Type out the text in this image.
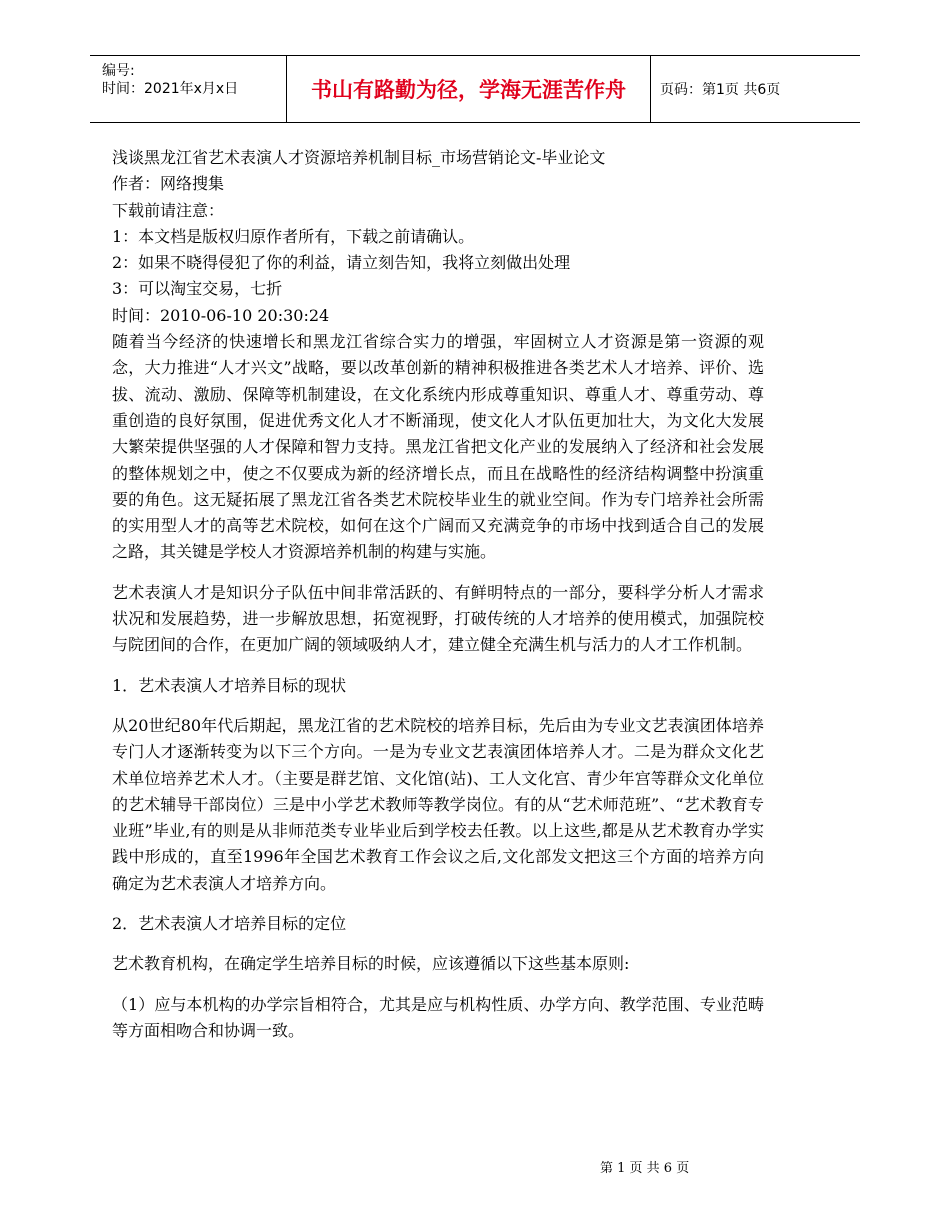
编号:
时间：2021年x月x日	书山有路勤为径，学海无涯苦作舟	页码：第1页 共6页
浅谈黑龙江省艺术表演人才资源培养机制目标_市场营销论文-毕业论文
作者：网络搜集
下载前请注意：
1：本文档是版权归原作者所有，下载之前请确认。
2：如果不晓得侵犯了你的利益，请立刻告知，我将立刻做出处理
3：可以淘宝交易，七折
时间：2010-06-10 20:30:24

随着当今经济的快速增长和黑龙江省综合实力的增强，牢固树立人才资源是第一资源的观念，大力推进“人才兴文”战略，要以改革创新的精神积极推进各类艺术人才培养、评价、选拔、流动、激励、保障等机制建设，在文化系统内形成尊重知识、尊重人才、尊重劳动、尊重创造的良好氛围，促进优秀文化人才不断涌现，使文化人才队伍更加壮大，为文化大发展大繁荣提供坚强的人才保障和智力支持。黑龙江省把文化产业的发展纳入了经济和社会发展的整体规划之中，使之不仅要成为新的经济增长点，而且在战略性的经济结构调整中扮演重要的角色。这无疑拓展了黑龙江省各类艺术院校毕业生的就业空间。作为专门培养社会所需的实用型人才的高等艺术院校，如何在这个广阔而又充满竞争的市场中找到适合自己的发展之路，其关键是学校人才资源培养机制的构建与实施。

艺术表演人才是知识分子队伍中间非常活跃的、有鲜明特点的一部分，要科学分析人才需求状况和发展趋势，进一步解放思想，拓宽视野，打破传统的人才培养的使用模式，加强院校与院团间的合作，在更加广阔的领域吸纳人才，建立健全充满生机与活力的人才工作机制。

1．艺术表演人才培养目标的现状

从20世纪80年代后期起，黑龙江省的艺术院校的培养目标，先后由为专业文艺表演团体培养专门人才逐渐转变为以下三个方向。一是为专业文艺表演团体培养人才。二是为群众文化艺术单位培养艺术人才。（主要是群艺馆、文化馆(站)、工人文化宫、青少年宫等群众文化单位的艺术辅导干部岗位）三是中小学艺术教师等教学岗位。有的从“艺术师范班”、“艺术教育专业班”毕业,有的则是从非师范类专业毕业后到学校去任教。以上这些,都是从艺术教育办学实践中形成的，直至1996年全国艺术教育工作会议之后,文化部发文把这三个方面的培养方向确定为艺术表演人才培养方向。

2．艺术表演人才培养目标的定位

艺术教育机构，在确定学生培养目标的时候，应该遵循以下这些基本原则:

（1）应与本机构的办学宗旨相符合，尤其是应与机构性质、办学方向、教学范围、专业范畴等方面相吻合和协调一致。

第 1 页 共 6 页
